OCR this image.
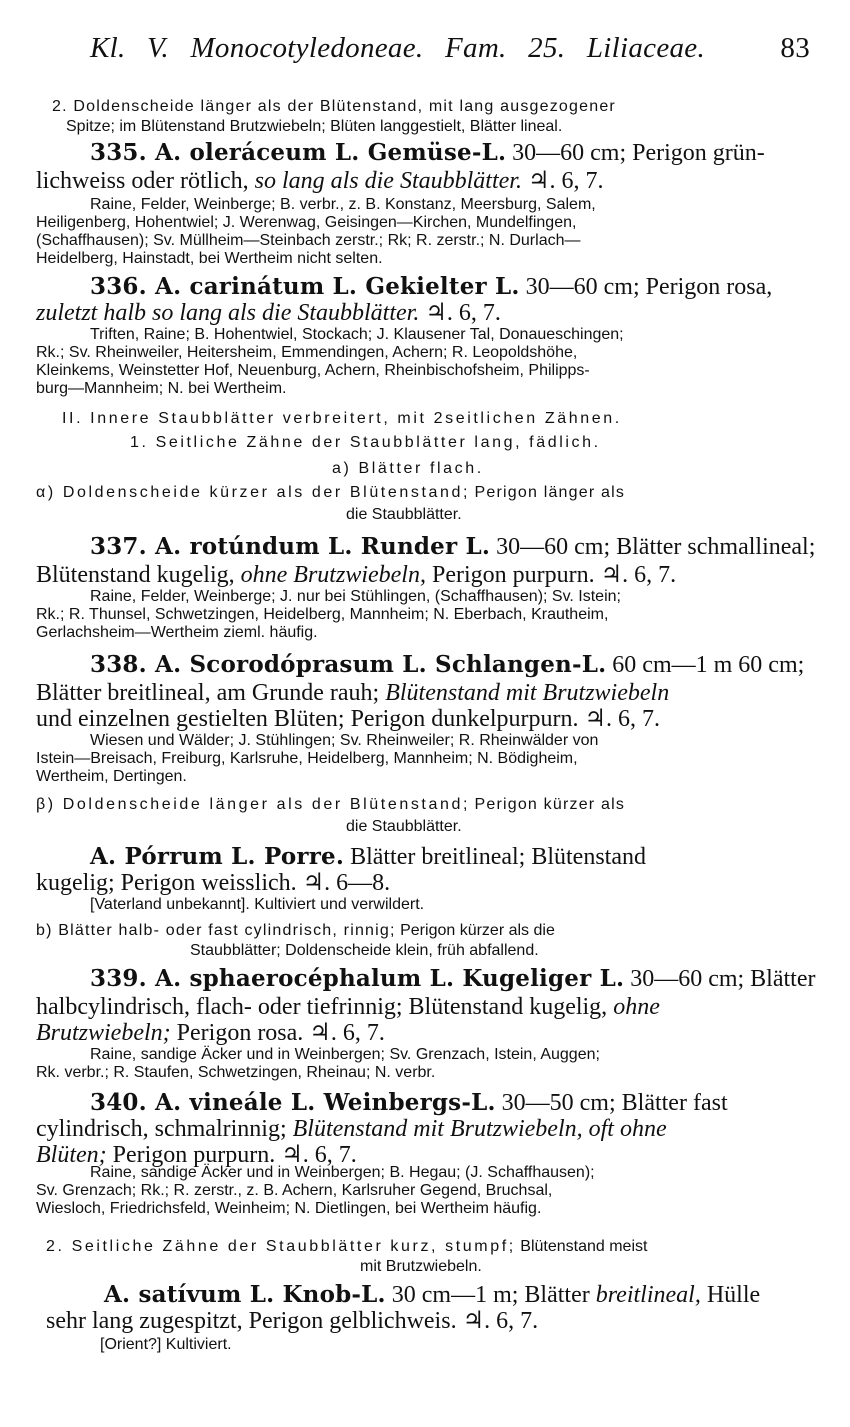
Kl. V. Monocotyledoneae. Fam. 25. Liliaceae.	83
2. Doldenscheide länger als der Blütenstand, mit lang ausgezogener
Spitze; im Blütenstand Brutzwiebeln; Blüten langgestielt, Blätter lineal.
335. A. oleráceum L. Gemüse-L. 30—60 cm; Perigon grün-
lichweiss oder rötlich, so lang als die Staubblätter. ♃. 6, 7.
Raine, Felder, Weinberge; B. verbr., z. B. Konstanz, Meersburg, Salem,
Heiligenberg, Hohentwiel; J. Werenwag, Geisingen—Kirchen, Mundelfingen,
(Schaffhausen); Sv. Müllheim—Steinbach zerstr.; Rk; R. zerstr.; N. Durlach—
Heidelberg, Hainstadt, bei Wertheim nicht selten.
336. A. carinátum L. Gekielter L. 30—60 cm; Perigon rosa,
zuletzt halb so lang als die Staubblätter. ♃. 6, 7.
Triften, Raine; B. Hohentwiel, Stockach; J. Klausener Tal, Donaueschingen;
Rk.; Sv. Rheinweiler, Heitersheim, Emmendingen, Achern; R. Leopoldshöhe,
Kleinkems, Weinstetter Hof, Neuenburg, Achern, Rheinbischofsheim, Philipps-
burg—Mannheim; N. bei Wertheim.
II. Innere Staubblätter verbreitert, mit 2seitlichen Zähnen.
1. Seitliche Zähne der Staubblätter lang, fädlich.
a) Blätter flach.
α) Doldenscheide kürzer als der Blütenstand; Perigon länger als
die Staubblätter.
337. A. rotúndum L. Runder L. 30—60 cm; Blätter schmallineal;
Blütenstand kugelig, ohne Brutzwiebeln, Perigon purpurn. ♃. 6, 7.
Raine, Felder, Weinberge; J. nur bei Stühlingen, (Schaffhausen); Sv. Istein;
Rk.; R. Thunsel, Schwetzingen, Heidelberg, Mannheim; N. Eberbach, Krautheim,
Gerlachsheim—Wertheim zieml. häufig.
338. A. Scorodóprasum L. Schlangen-L. 60 cm—1 m 60 cm;
Blätter breitlineal, am Grunde rauh; Blütenstand mit Brutzwiebeln
und einzelnen gestielten Blüten; Perigon dunkelpurpurn. ♃. 6, 7.
Wiesen und Wälder; J. Stühlingen; Sv. Rheinweiler; R. Rheinwälder von
Istein—Breisach, Freiburg, Karlsruhe, Heidelberg, Mannheim; N. Bödigheim,
Wertheim, Dertingen.
β) Doldenscheide länger als der Blütenstand; Perigon kürzer als
die Staubblätter.
A. Pórrum L. Porre. Blätter breitlineal; Blütenstand
kugelig; Perigon weisslich. ♃. 6—8.
[Vaterland unbekannt]. Kultiviert und verwildert.
b) Blätter halb- oder fast cylindrisch, rinnig; Perigon kürzer als die
Staubblätter; Doldenscheide klein, früh abfallend.
339. A. sphaerocéphalum L. Kugeliger L. 30—60 cm; Blätter
halbcylindrisch, flach- oder tiefrinnig; Blütenstand kugelig, ohne
Brutzwiebeln; Perigon rosa. ♃. 6, 7.
Raine, sandige Äcker und in Weinbergen; Sv. Grenzach, Istein, Auggen;
Rk. verbr.; R. Staufen, Schwetzingen, Rheinau; N. verbr.
340. A. vineále L. Weinbergs-L. 30—50 cm; Blätter fast
cylindrisch, schmalrinnig; Blütenstand mit Brutzwiebeln, oft ohne
Blüten; Perigon purpurn. ♃. 6, 7.
Raine, sandige Äcker und in Weinbergen; B. Hegau; (J. Schaffhausen);
Sv. Grenzach; Rk.; R. zerstr., z. B. Achern, Karlsruher Gegend, Bruchsal,
Wiesloch, Friedrichsfeld, Weinheim; N. Dietlingen, bei Wertheim häufig.
2. Seitliche Zähne der Staubblätter kurz, stumpf; Blütenstand meist
mit Brutzwiebeln.
A. satívum L. Knob-L. 30 cm—1 m; Blätter breitlineal, Hülle
sehr lang zugespitzt, Perigon gelblichweis. ♃. 6, 7.
[Orient?] Kultiviert.
